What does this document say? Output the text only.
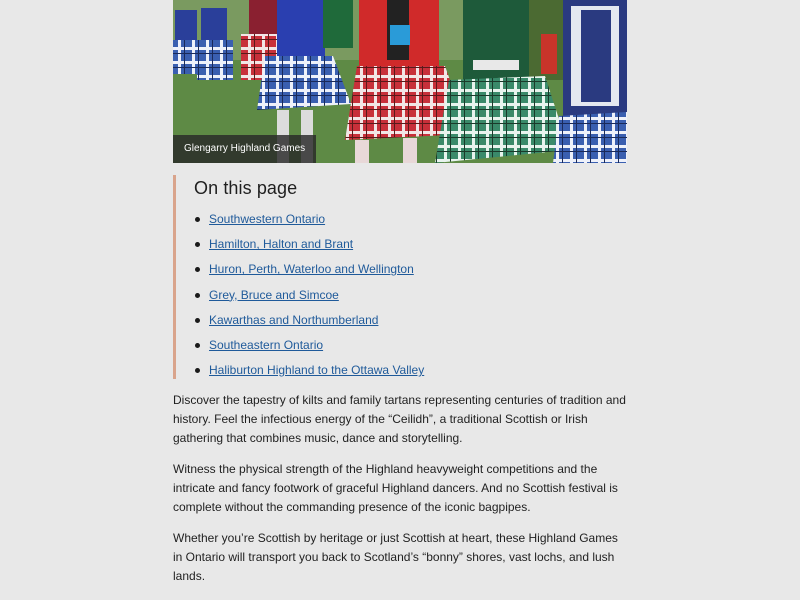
Glengarry Highland Games
On this page
Southwestern Ontario
Hamilton, Halton and Brant
Huron, Perth, Waterloo and Wellington
Grey, Bruce and Simcoe
Kawarthas and Northumberland
Southeastern Ontario
Haliburton Highland to the Ottawa Valley

Discover the tapestry of kilts and family tartans representing centuries of tradition and history. Feel the infectious energy of the “Ceilidh”, a traditional Scottish or Irish gathering that combines music, dance and storytelling.

Witness the physical strength of the Highland heavyweight competitions and the intricate and fancy footwork of graceful Highland dancers. And no Scottish festival is complete without the commanding presence of the iconic bagpipes.

Whether you’re Scottish by heritage or just Scottish at heart, these Highland Games in Ontario will transport you back to Scotland’s “bonny” shores, vast lochs, and lush lands.
